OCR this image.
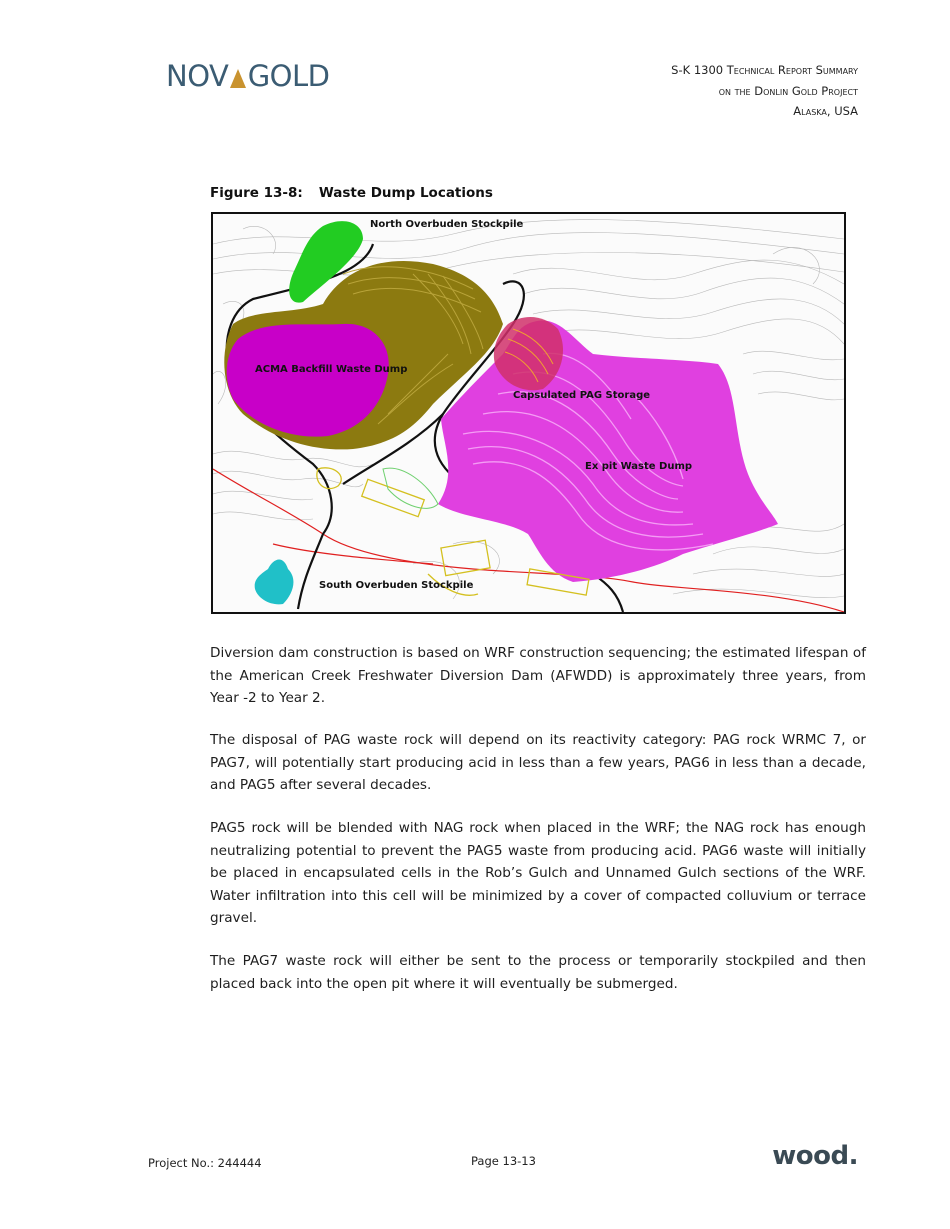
NOV GOLD	S-K 1300 Technical Report Summary
on the Donlin Gold Project
Alaska, USA
Figure 13-8: Waste Dump Locations
North Overbuden Stockpile
ACMA Backfill Waste Dump
Capsulated PAG Storage
Ex pit Waste Dump
South Overbuden Stockpile
Diversion dam construction is based on WRF construction sequencing; the estimated lifespan of the American Creek Freshwater Diversion Dam (AFWDD) is approximately three years, from Year -2 to Year 2.
The disposal of PAG waste rock will depend on its reactivity category: PAG rock WRMC 7, or PAG7, will potentially start producing acid in less than a few years, PAG6 in less than a decade, and PAG5 after several decades.
PAG5 rock will be blended with NAG rock when placed in the WRF; the NAG rock has enough neutralizing potential to prevent the PAG5 waste from producing acid. PAG6 waste will initially be placed in encapsulated cells in the Rob’s Gulch and Unnamed Gulch sections of the WRF. Water infiltration into this cell will be minimized by a cover of compacted colluvium or terrace gravel.
The PAG7 waste rock will either be sent to the process or temporarily stockpiled and then placed back into the open pit where it will eventually be submerged.
Project No.: 244444	Page 13-13	wood.
